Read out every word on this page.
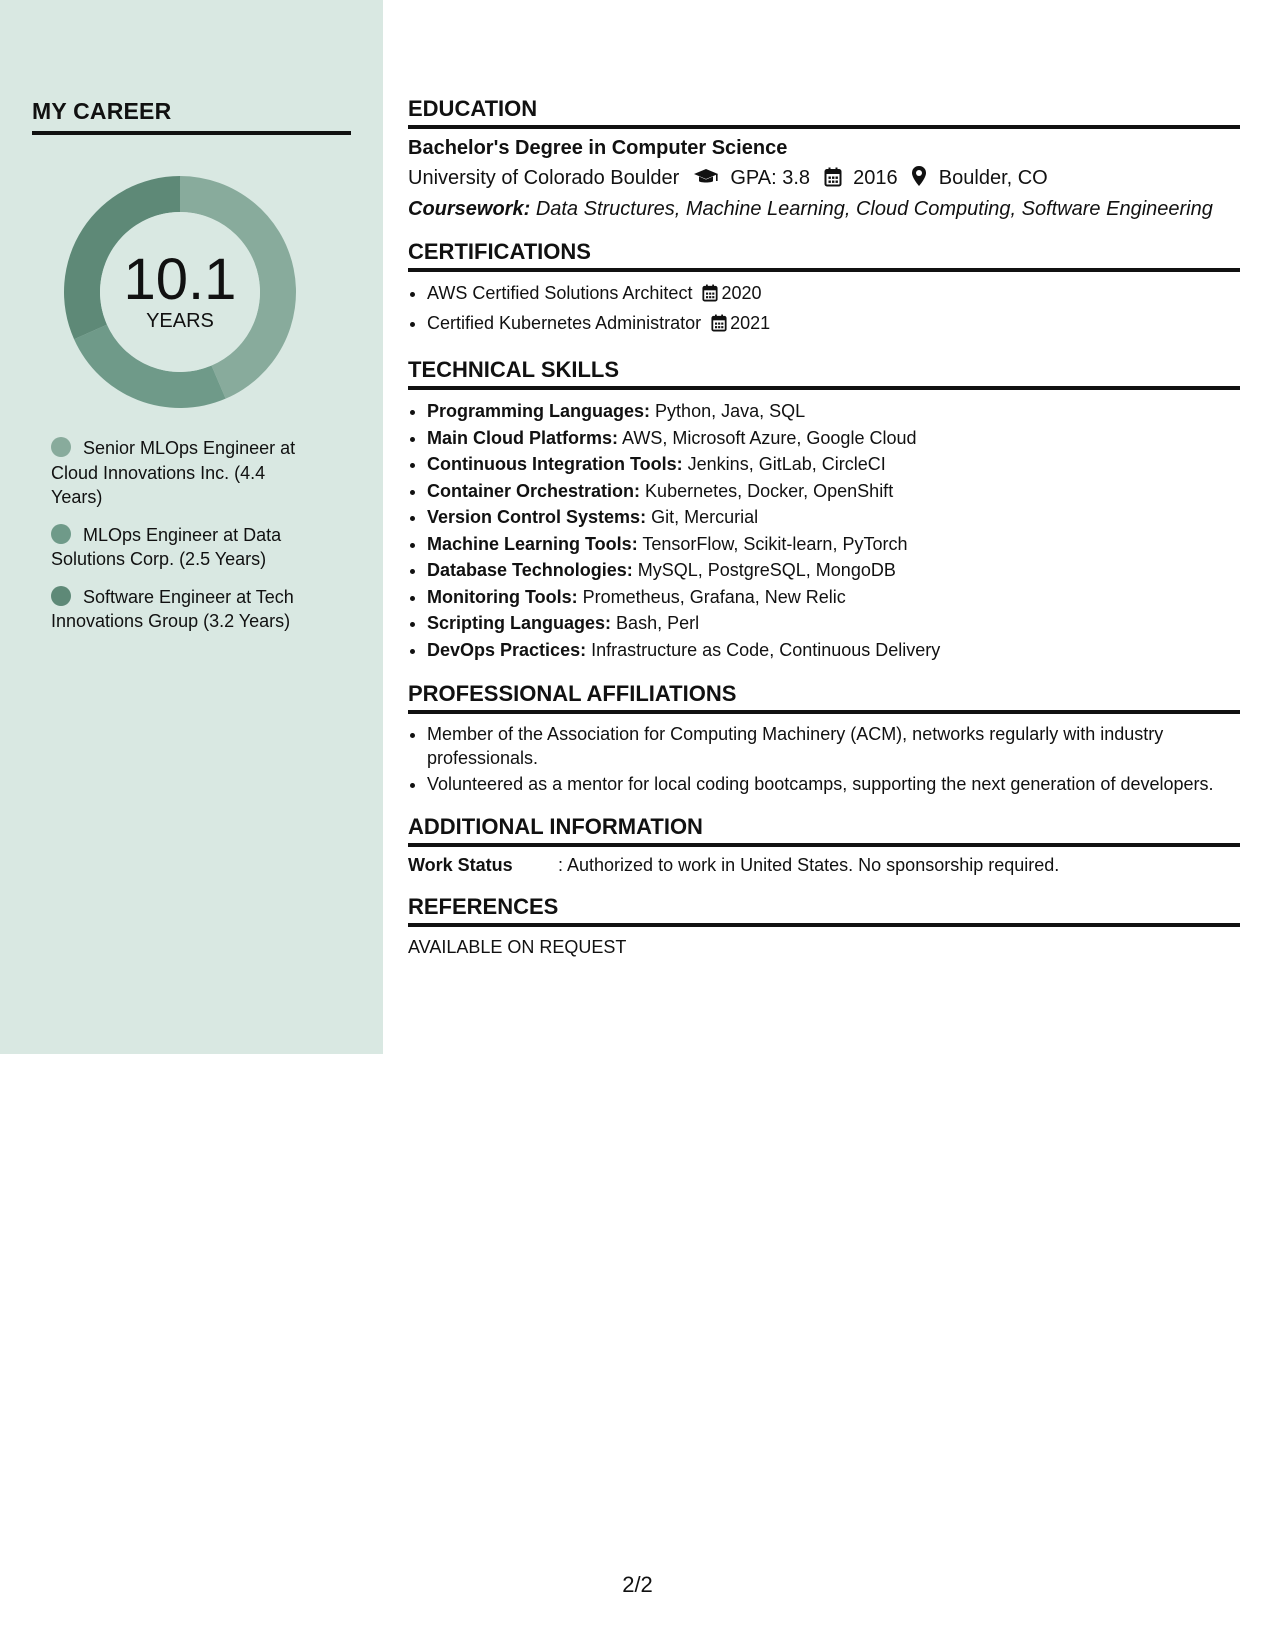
MY CAREER
10.1
YEARS
Senior MLOps Engineer at Cloud Innovations Inc. (4.4 Years)
MLOps Engineer at Data Solutions Corp. (2.5 Years)
Software Engineer at Tech Innovations Group (3.2 Years)
EDUCATION
Bachelor's Degree in Computer Science
University of Colorado Boulder	GPA: 3.8 2016 Boulder, CO
Coursework: Data Structures, Machine Learning, Cloud Computing, Software Engineering
CERTIFICATIONS
• AWS Certified Solutions Architect 2020
• Certified Kubernetes Administrator 2021
TECHNICAL SKILLS
• Programming Languages: Python, Java, SQL
• Main Cloud Platforms: AWS, Microsoft Azure, Google Cloud
• Continuous Integration Tools: Jenkins, GitLab, CircleCI
• Container Orchestration: Kubernetes, Docker, OpenShift
• Version Control Systems: Git, Mercurial
• Machine Learning Tools: TensorFlow, Scikit-learn, PyTorch
• Database Technologies: MySQL, PostgreSQL, MongoDB
• Monitoring Tools: Prometheus, Grafana, New Relic
• Scripting Languages: Bash, Perl
• DevOps Practices: Infrastructure as Code, Continuous Delivery
PROFESSIONAL AFFILIATIONS
• Member of the Association for Computing Machinery (ACM), networks regularly with industry professionals.
• Volunteered as a mentor for local coding bootcamps, supporting the next generation of developers.
ADDITIONAL INFORMATION
Work Status	: Authorized to work in United States. No sponsorship required.
REFERENCES
AVAILABLE ON REQUEST
2/2
